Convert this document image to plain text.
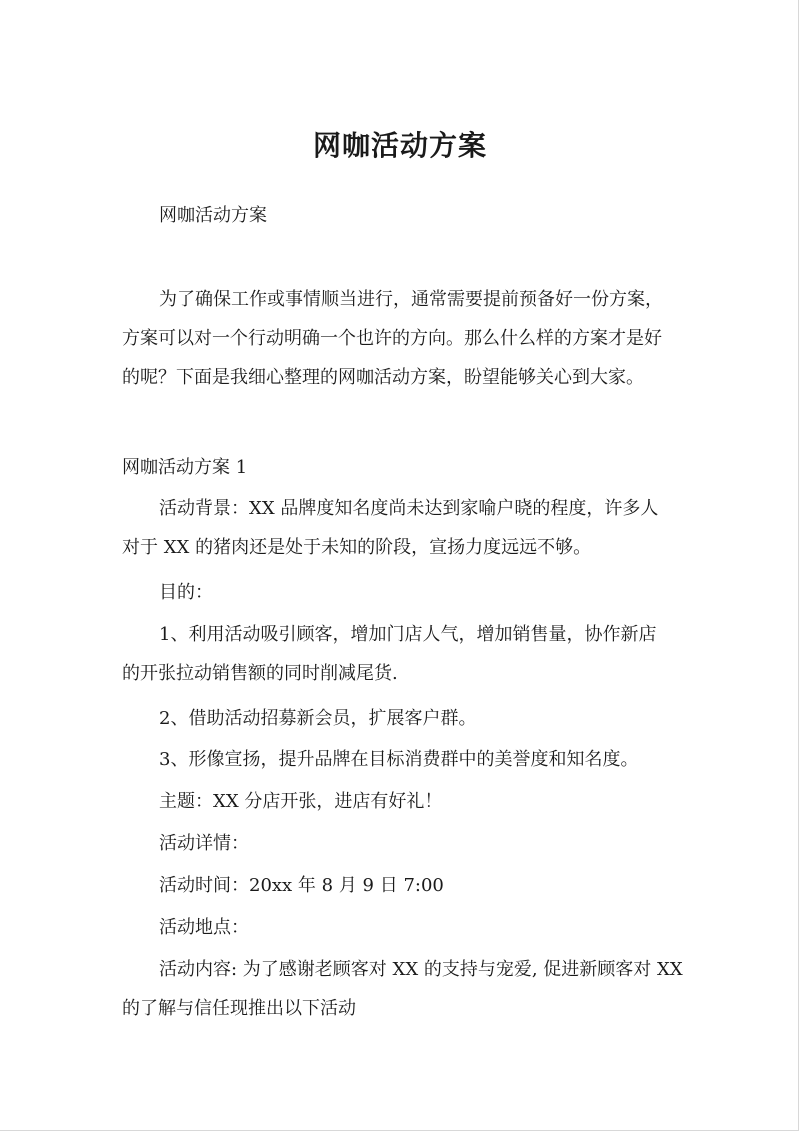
网咖活动方案
网咖活动方案
为了确保工作或事情顺当进行，通常需要提前预备好一份方案，
方案可以对一个行动明确一个也许的方向。那么什么样的方案才是好
的呢？下面是我细心整理的网咖活动方案，盼望能够关心到大家。
网咖活动方案 1
活动背景：XX 品牌度知名度尚未达到家喻户晓的程度，许多人
对于 XX 的猪肉还是处于未知的阶段，宣扬力度远远不够。
目的：
1、利用活动吸引顾客，增加门店人气，增加销售量，协作新店
的开张拉动销售额的同时削减尾货.
2、借助活动招募新会员，扩展客户群。
3、形像宣扬，提升品牌在目标消费群中的美誉度和知名度。
主题：XX 分店开张，进店有好礼！
活动详情：
活动时间：20xx 年 8 月 9 日 7:00
活动地点：
活动内容: 为了感谢老顾客对 XX 的支持与宠爱, 促进新顾客对 XX
的了解与信任现推出以下活动
